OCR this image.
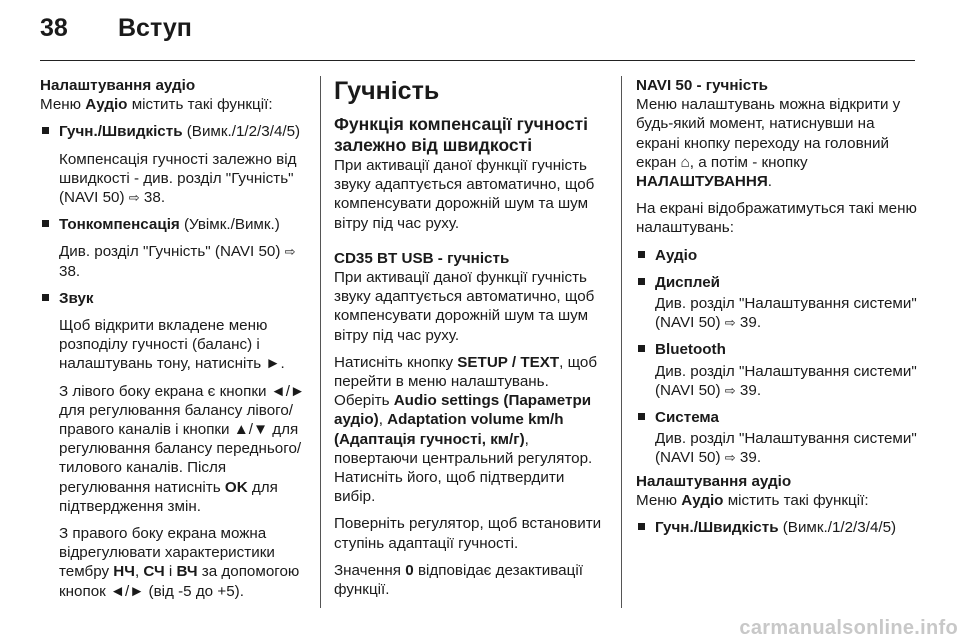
38	Вступ
Налаштування аудіо

Меню Аудіо містить такі функції:

Гучн./Швидкість (Вимк./1/2/3/4/5)

Компенсація гучності залежно від швидкості - див. розділ "Гучність" (NAVI 50) ⇨ 38.

Тонкомпенсація (Увімк./Вимк.)

Див. розділ "Гучність" (NAVI 50) ⇨ 38.

Звук

Щоб відкрити вкладене меню розподілу гучності (баланс) і налаштувань тону, натисніть ►.

З лівого боку екрана є кнопки ◄/► для регулювання балансу лівого/правого каналів і кнопки ▲/▼ для регулювання балансу переднього/тилового каналів. Після регулювання натисніть OK для підтвердження змін.

З правого боку екрана можна відрегулювати характеристики тембру НЧ, СЧ і ВЧ за допомогою кнопок ◄/► (від -5 до +5).

Гучність
Функція компенсації гучності залежно від швидкості

При активації даної функції гучність звуку адаптується автоматично, щоб компенсувати дорожній шум та шум вітру під час руху.

CD35 BT USB - гучність

При активації даної функції гучність звуку адаптується автоматично, щоб компенсувати дорожній шум та шум вітру під час руху.

Натисніть кнопку SETUP / TEXT, щоб перейти в меню налаштувань. Оберіть Audio settings (Параметри аудіо), Adaptation volume km/h (Адаптація гучності, км/г), повертаючи центральний регулятор. Натисніть його, щоб підтвердити вибір.

Поверніть регулятор, щоб встановити ступінь адаптації гучності.

Значення 0 відповідає дезактивації функції.

NAVI 50 - гучність

Меню налаштувань можна відкрити у будь-який момент, натиснувши на екрані кнопку переходу на головний екран ⌂, а потім - кнопку НАЛАШТУВАННЯ.

На екрані відображатимуться такі меню налаштувань:

Аудіо
Дисплей

Див. розділ "Налаштування системи" (NAVI 50) ⇨ 39.

Bluetooth

Див. розділ "Налаштування системи" (NAVI 50) ⇨ 39.

Система

Див. розділ "Налаштування системи" (NAVI 50) ⇨ 39.

Налаштування аудіо

Меню Аудіо містить такі функції:

Гучн./Швидкість (Вимк./1/2/3/4/5)
carmanualsonline.info
